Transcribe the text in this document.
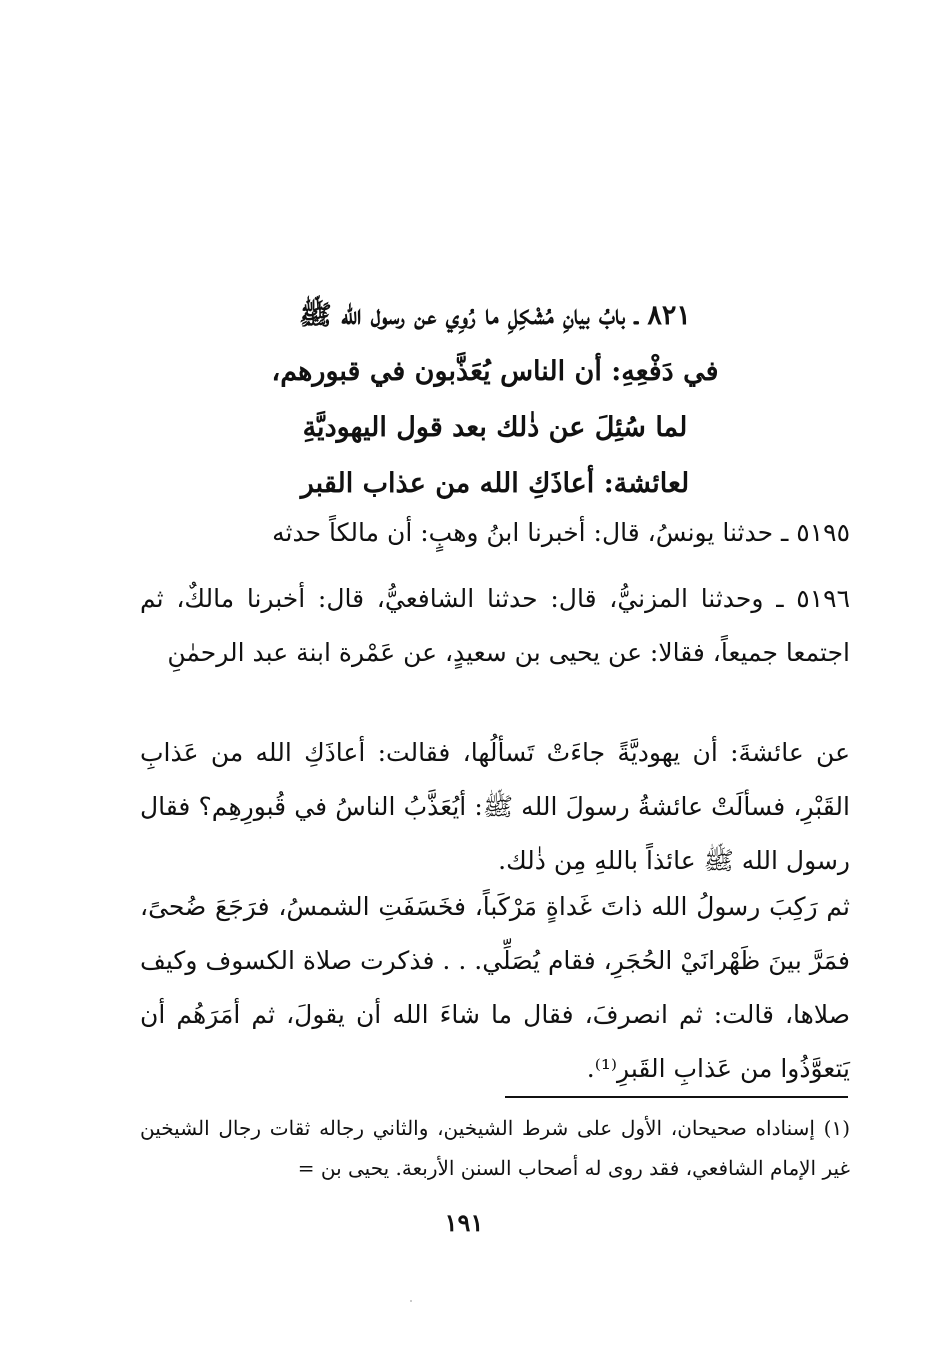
٨٢١ ـ بابُ بيانِ مُشْكِلِ ما رُوِي عن رسول الله ﷺ
في دَفْعِهِ: أن الناس يُعَذَّبون في قبورهم،
لما سُئِلَ عن ذٰلك بعد قول اليهوديَّةِ
لعائشة: أعاذَكِ الله من عذاب القبر

٥١٩٥ ـ حدثنا يونسُ، قال: أخبرنا ابنُ وهبٍ: أن مالكاً حدثه

٥١٩٦ ـ وحدثنا المزنيُّ، قال: حدثنا الشافعيُّ، قال: أخبرنا مالكٌ، ثم اجتمعا جميعاً، فقالا: عن يحيى بن سعيدٍ، عن عَمْرة ابنة عبد الرحمٰنِ

عن عائشةَ: أن يهوديَّةً جاءَتْ تَسألُها، فقالت: أعاذَكِ الله من عَذابِ القَبْرِ، فسألَتْ عائشةُ رسولَ الله ﷺ: أيُعَذَّبُ الناسُ في قُبورِهِم؟ فقال رسول الله ﷺ عائذاً باللهِ مِن ذٰلك.

ثم رَكِبَ رسولُ الله ذاتَ غَداةٍ مَرْكَباً، فخَسَفَتِ الشمسُ، فرَجَعَ ضُحىً، فمَرَّ بينَ ظَهْرانَيْ الحُجَرِ، فقام يُصَلِّي. . . فذكرت صلاة الكسوف وكيف صلاها، قالت: ثم انصرفَ، فقال ما شاءَ الله أن يقولَ، ثم أمَرَهُم أن يَتعوَّذُوا من عَذابِ القَبرِ⁽¹⁾.

(١) إسناداه صحيحان، الأول على شرط الشيخين، والثاني رجاله ثقات رجال الشيخين غير الإمام الشافعي، فقد روى له أصحاب السنن الأربعة. يحيى بن =

١٩١
